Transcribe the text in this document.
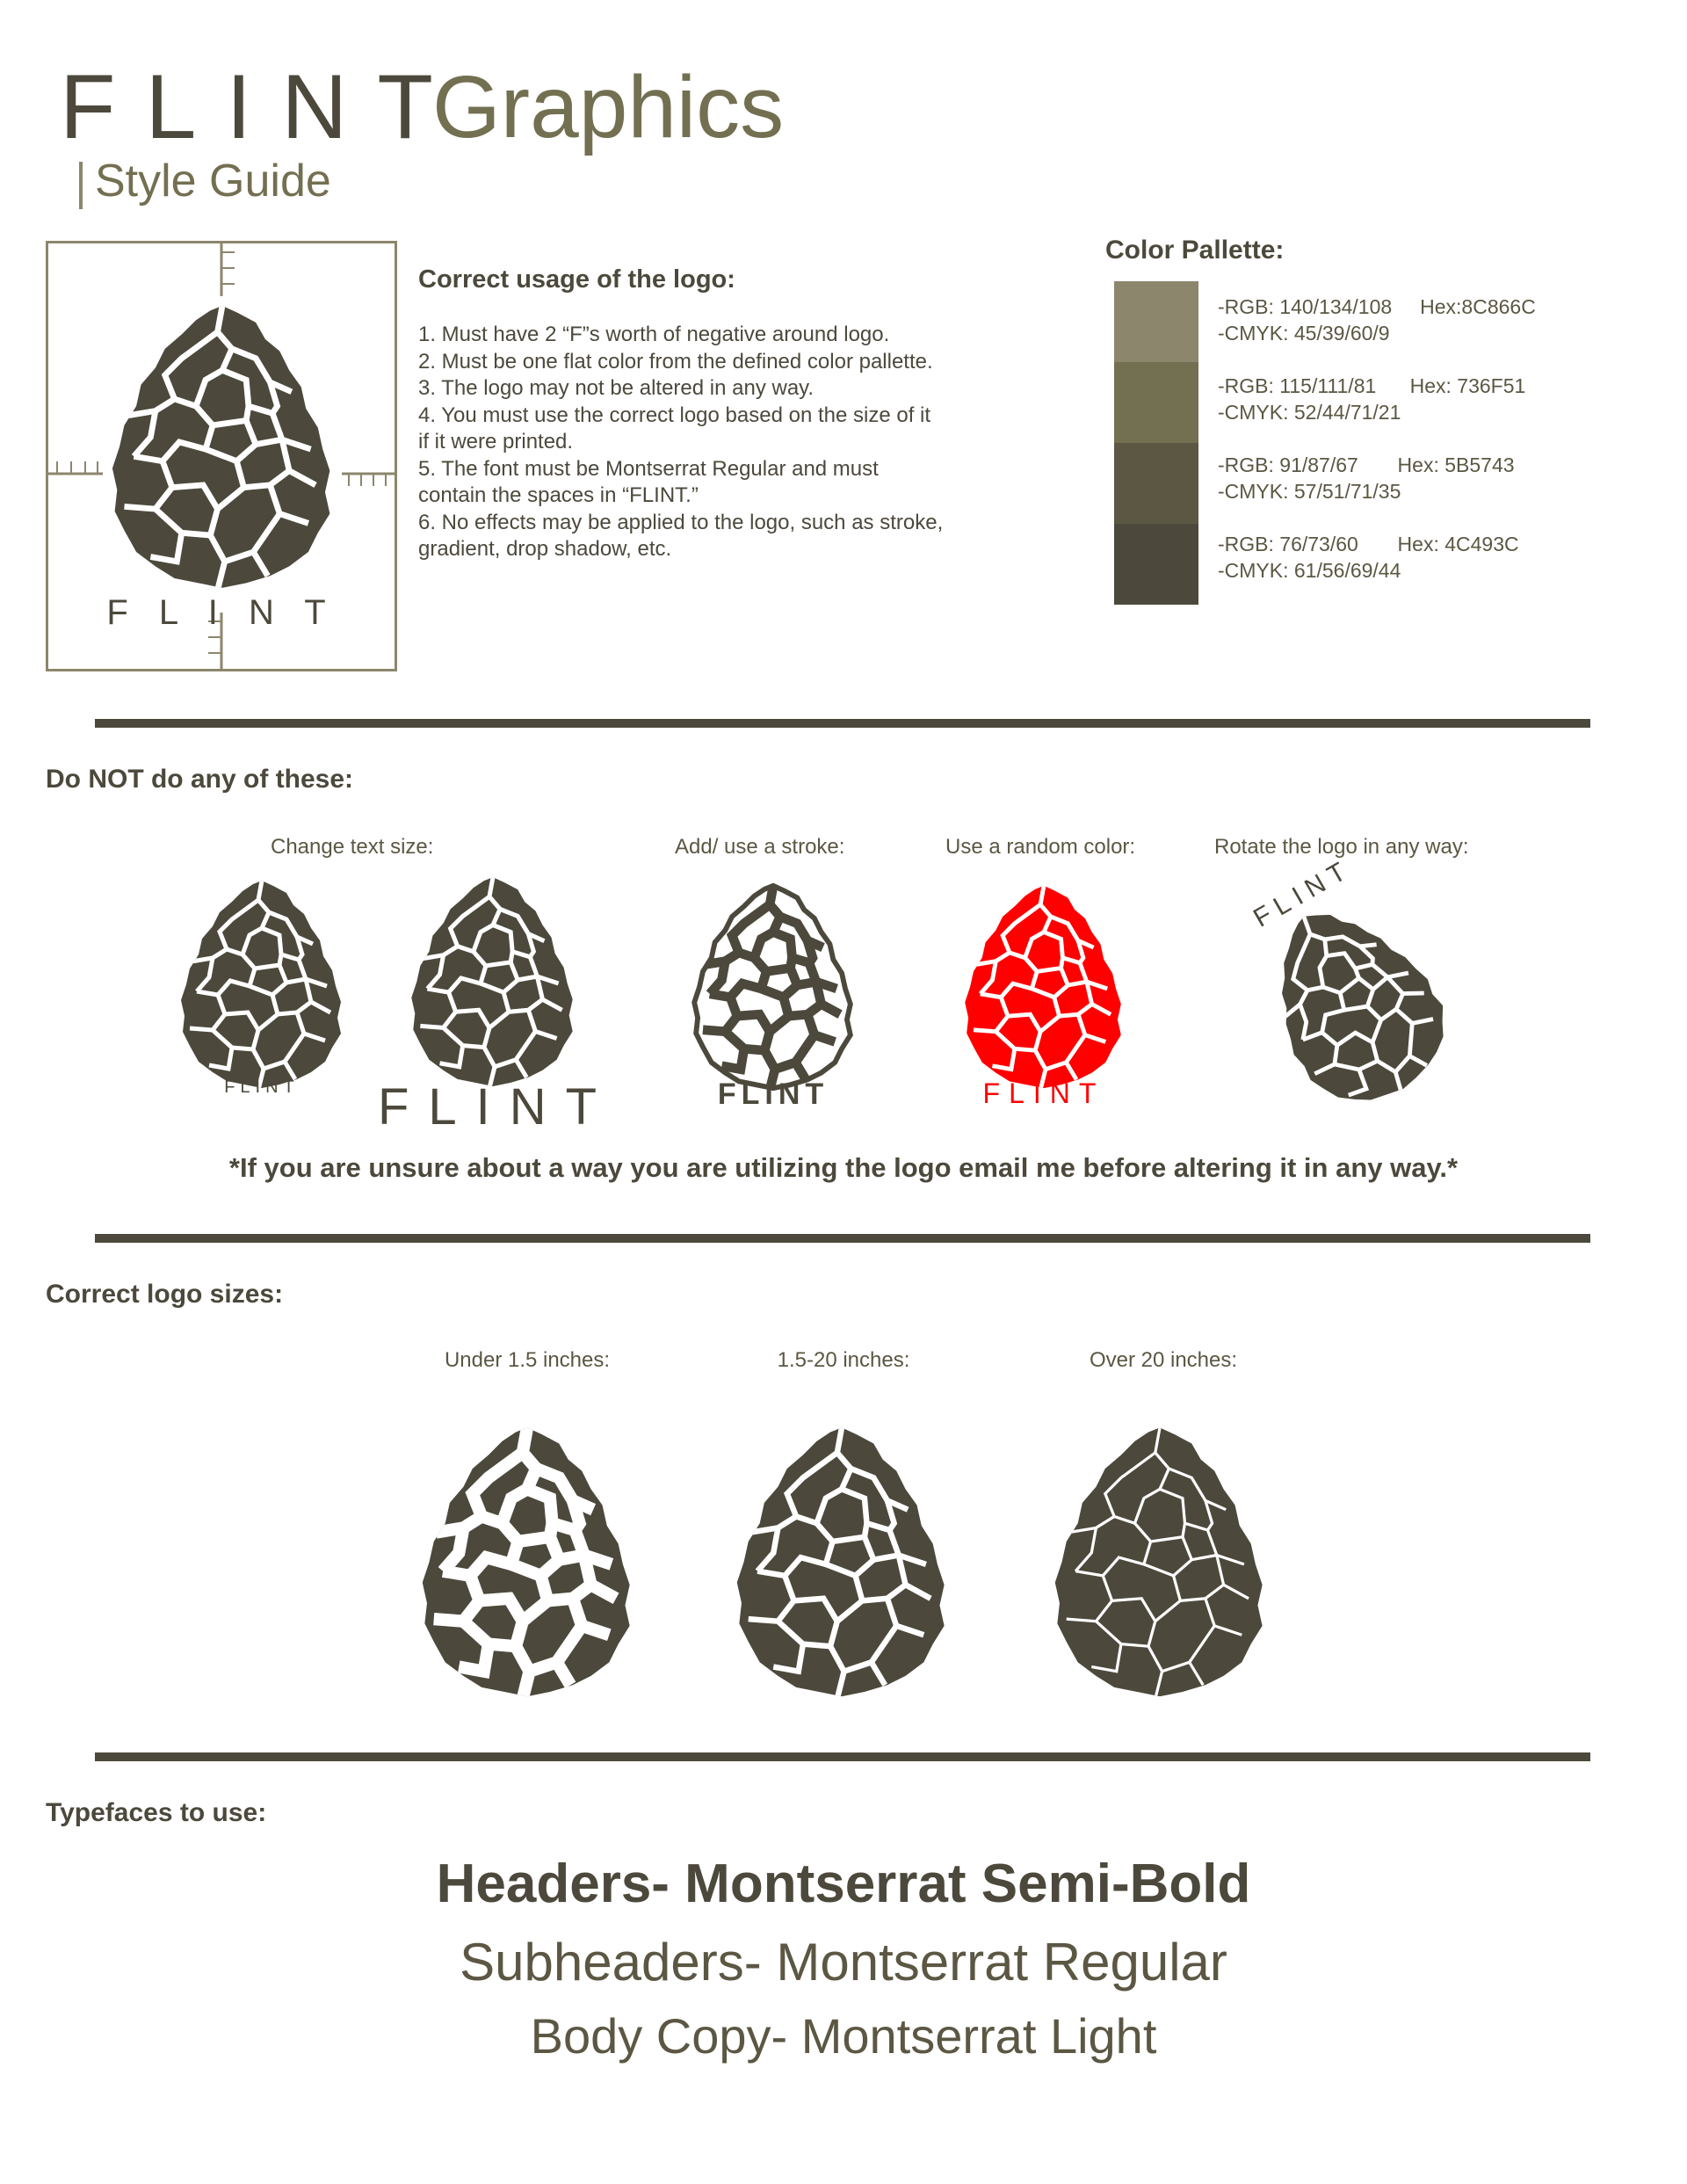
FLINT
Graphics
Style Guide
F L I N T
Correct usage of the logo:
1. Must have 2 “F”s worth of negative around logo.
2. Must be one flat color from the defined color pallette.
3. The logo may not be altered in any way.
4. You must use the correct logo based on the size of it if it were printed.
5. The font must be Montserrat Regular and must contain the spaces in “FLINT.”
6. No effects may be applied to the logo, such as stroke, gradient, drop shadow, etc.
Color Pallette:
-RGB: 140/134/108     Hex:8C866C
-CMYK: 45/39/60/9
-RGB: 115/111/81      Hex: 736F51
-CMYK: 52/44/71/21
-RGB: 91/87/67       Hex: 5B5743
-CMYK: 57/51/71/35
-RGB: 76/73/60       Hex: 4C493C
-CMYK: 61/56/69/44
Do NOT do any of these:
Change text size:	Add/ use a stroke:	Use a random color:	Rotate the logo in any way:
FLINT	FLINT	FLINT	FLINT
FLINT
*If you are unsure about a way you are utilizing the logo email me before altering it in any way.*
Correct logo sizes:
Under 1.5 inches:	1.5-20 inches:	Over 20 inches:
Typefaces to use:
Headers- Montserrat Semi-Bold
Subheaders- Montserrat Regular
Body Copy- Montserrat Light
